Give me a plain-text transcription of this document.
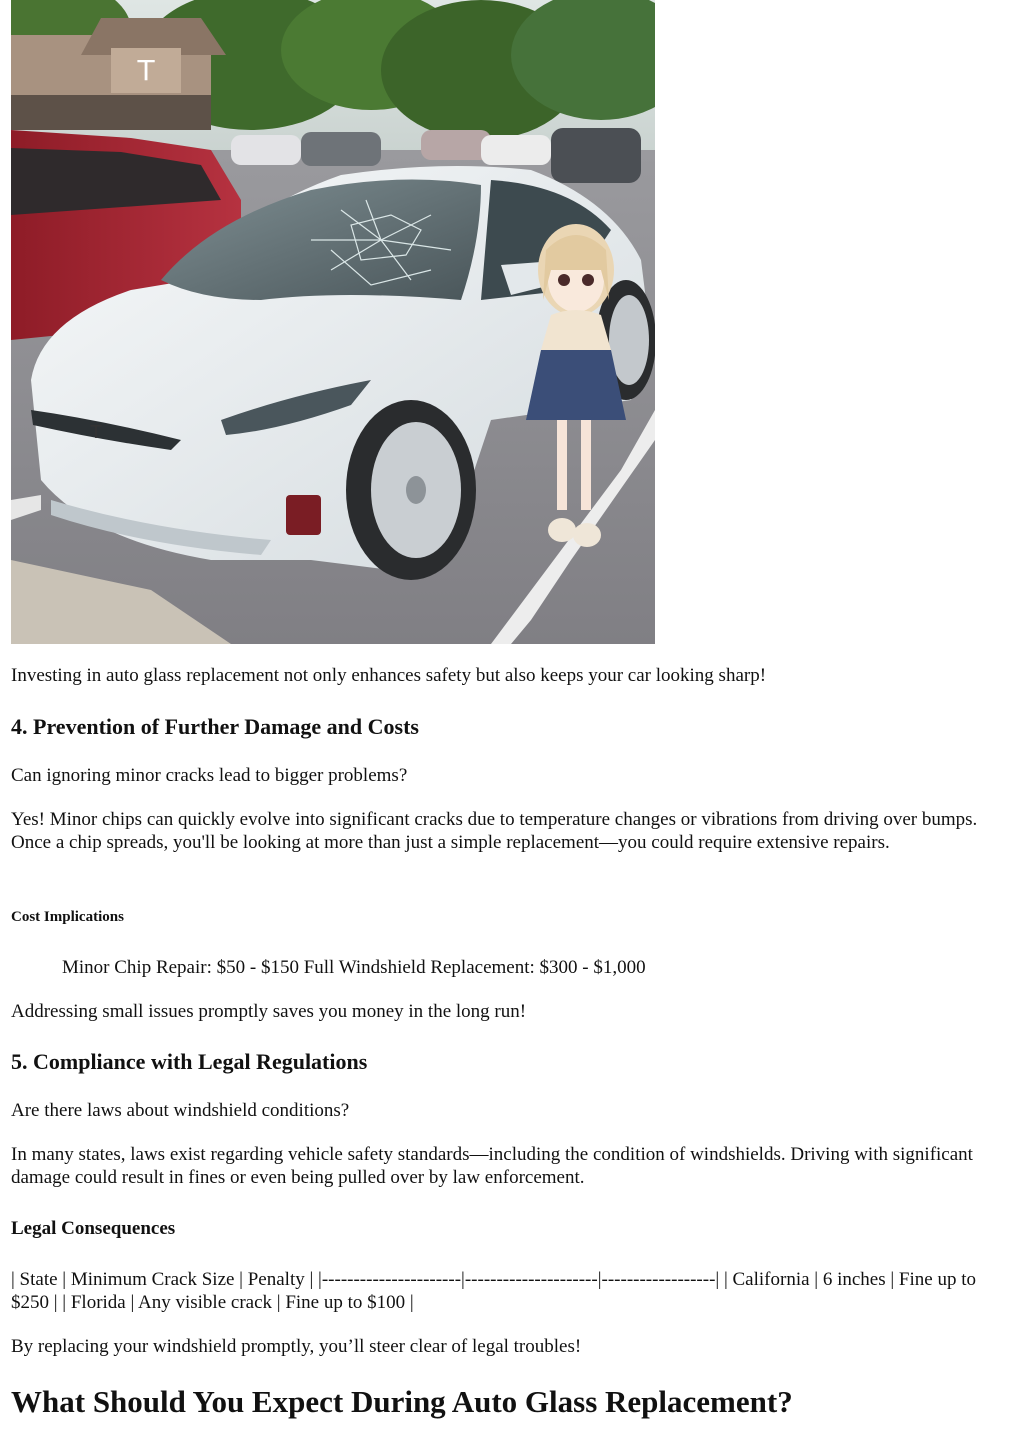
T
T

Investing in auto glass replacement not only enhances safety but also keeps your car looking sharp!

4. Prevention of Further Damage and Costs

Can ignoring minor cracks lead to bigger problems?

Yes! Minor chips can quickly evolve into significant cracks due to temperature changes or vibrations from driving over bumps. Once a chip spreads, you'll be looking at more than just a simple replacement—you could require extensive repairs.

Cost Implications

Minor Chip Repair: $50 - $150 Full Windshield Replacement: $300 - $1,000

Addressing small issues promptly saves you money in the long run!

5. Compliance with Legal Regulations

Are there laws about windshield conditions?

In many states, laws exist regarding vehicle safety standards—including the condition of windshields. Driving with significant damage could result in fines or even being pulled over by law enforcement.

Legal Consequences

| State | Minimum Crack Size | Penalty | |----------------------|---------------------|------------------| | California | 6 inches | Fine up to $250 | | Florida | Any visible crack | Fine up to $100 |

By replacing your windshield promptly, you’ll steer clear of legal troubles!

What Should You Expect During Auto Glass Replacement?
